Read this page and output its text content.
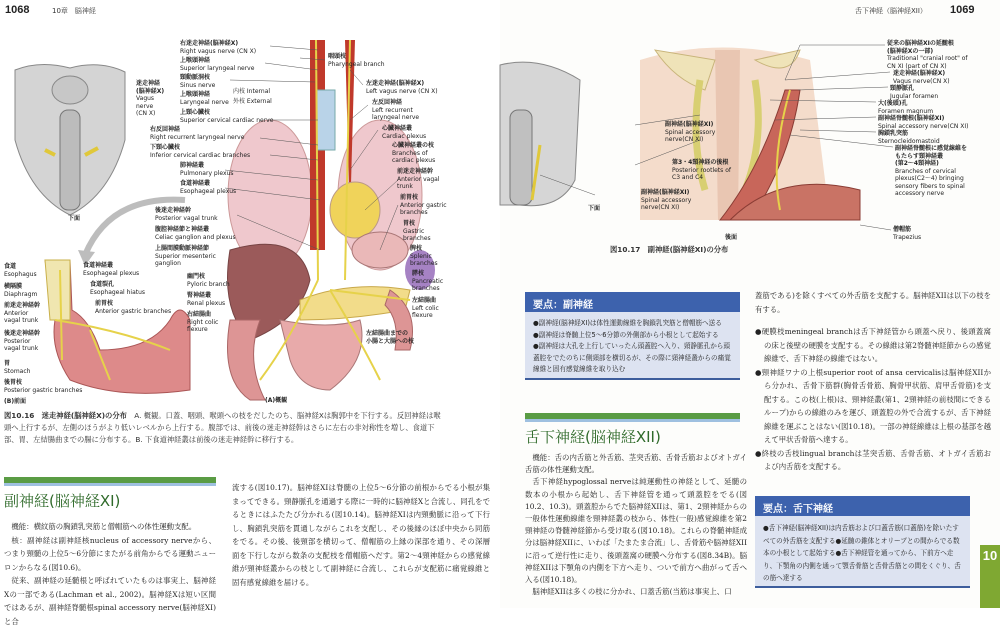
1068	10章　脳神経
右迷走神経(脳神経X)
Right vagus nerve (CN X)
上喉頭神経
Superior laryngeal nerve
頸動脈洞枝
Sinus nerve
上喉頭神経
Laryngeal nerve
内枝 Internal
外枝 External
上頸心臓枝
Superior cervical cardiac nerve
右反回神経
Right recurrent laryngeal nerve
下頸心臓枝
Inferior cervical cardiac branches
肺神経叢
Pulmonary plexus
食道神経叢
Esophageal plexus
後迷走神経幹
Posterior vagal trunk
腹腔神経節と神経叢
Celiac ganglion and plexus
上腸間膜動脈神経節
Superior mesenteric
ganglion
幽門枝
Pyloric branch
腎神経叢
Renal plexus
右結腸曲
Right colic
flexure
咽頭枝
Pharyngeal branch
左迷走神経(脳神経X)
Left vagus nerve (CN X)
左反回神経
Left recurrent
laryngeal nerve
心臓神経叢
Cardiac plexus
心臓神経叢の枝
Branches of
cardiac plexus
前迷走神経幹
Anterior vagal
trunk
前胃枝
Anterior gastric
branches
胃枝
Gastric
branches
脾枝
Splenic
branches
膵枝
Pancreatic
branches
左結腸曲
Left colic
flexure
左結腸曲までの
小腸と大腸への枝
迷走神経
(脳神経X)
Vagus
nerve
(CN X)
下面
(A)概観
食道
Esophagus
横隔膜
Diaphragm
前迷走神経幹
Anterior
vagal trunk
後迷走神経幹
Posterior
vagal trunk
胃
Stomach
後胃枝
Posterior gastric branches
食道神経叢
Esophageal plexus
食道裂孔
Esophageal hiatus
前胃枝
Anterior gastric branches
(B)前面
図10.16　迷走神経(脳神経X)の分布　 A. 概観。口蓋、咽頭、喉頭への枝をだしたのち、脳神経Xは胸郭中を下行する。反回神経は喉頭へ上行するが、左側のほうがより低いレベルから上行する。腹部では、前後の迷走神経幹はさらに左右の非対称性を増し、食道下部、胃、左結腸曲までの腸に分布する。B. 下食道神経叢は前後の迷走神経幹に移行する。
副神経(脳神経XI)

機能：横紋筋の胸鎖乳突筋と僧帽筋への体性運動支配。

核：副神経は副神経核nucleus of accessory nerveから、つまり頸髄の上位5～6分節にまたがる前角からでる運動ニューロンからなる(図10.6)。

従来、副神経の延髄根と呼ばれていたものは事実上、脳神経Xの一部である(Lachman et al., 2002)。脳神経Xは短い区間ではあるが、副神経脊髄根spinal accessory nerve(脳神経XI)と合

流する(図10.17)。脳神経XIは脊髄の上位5～6分節の前根からでる小根が集まってできる。頸静脈孔を通過する際に一時的に脳神経Xと合流し、同孔をでるときにはふたたび分かれる(図10.14)。脳神経XIは内頸動脈に沿って下行し、胸鎖乳突筋を貫通しながらこれを支配し、その後縁のほぼ中央から同筋をでる。その後、後頸部を横切って、僧帽筋の上縁の深部を通り、その深層面を下行しながら数条の支配枝を僧帽筋へだす。第2～4頸神経からの感覚線維が頸神経叢からの枝として副神経に合流し、これらが支配筋に痛覚線維と固有感覚線維を届ける。

舌下神経（脳神経XII） 1069
副神経(脳神経XI)
Spinal accessory
nerve(CN XI)
第3・4頸神経の後根
Posterior rootlets of
C3 and C4
副神経(脳神経XI)
Spinal accessory
nerve(CN XI)
従来の脳神経XIの延髄根
(脳神経Xの一部)
Traditional "cranial root" of
CN XI (part of CN X)
迷走神経(脳神経X)
Vagus nerve(CN X)
頸静脈孔
Jugular foramen
大(後頭)孔
Foramen magnum
副神経脊髄根(脳神経XI)
Spinal accessory nerve(CN XI)
胸鎖乳突筋
Sternocleidomastoid
副神経脊髄根に感覚線維を
もたらす頸神経叢
(第2～4頸神経)
Branches of cervical
plexus(C2～4) bringing
sensory fibers to spinal
accessory nerve
僧帽筋
Trapezius
下面
後面
図10.17　副神経(脳神経XI)の分布
要点：副神経
●副神経(脳神経XI)は体性運動線維を胸鎖乳突筋と僧帽筋へ送る
●副神経は脊髄上位5～6分節の外側部から小根として起始する
●副神経は大孔を上行していったん頭蓋腔へ入り、頸静脈孔から頭蓋腔をでたのちに側頸部を横切るが、その際に頸神経叢からの痛覚線維と固有感覚線維を取り込む

蓋筋である)を除くすべての外舌筋を支配する。脳神経XIIは以下の枝を有する。

●硬膜枝meningeal branchは舌下神経管から頭蓋へ戻り、後頭蓋窩の床と後壁の硬膜を支配する。その線維は第2脊髄神経節からの感覚線維で、舌下神経の線維ではない。
●頸神経ワナの上根superior root of ansa cervicalisは脳神経XIIから分かれ、舌骨下筋群(胸骨舌骨筋、胸骨甲状筋、肩甲舌骨筋)を支配する。この枝(上根)は、頸神経叢(第1、2頸神経の前枝間にできるループ)からの線維のみを運び、頭蓋腔の外で合流するが、舌下神経線維を運ぶことはない(図10.18)。一部の神経線維は上根の基部を越えて甲状舌骨筋へ達する。
●終枝の舌枝lingual branchは茎突舌筋、舌骨舌筋、オトガイ舌筋および内舌筋を支配する。
舌下神経(脳神経XII)

機能：舌の内舌筋と外舌筋、茎突舌筋、舌骨舌筋およびオトガイ舌筋の体性運動支配。

舌下神経hypoglossal nerveは純運動性の神経として、延髄の数本の小根から起始し、舌下神経管を通って頭蓋腔をでる(図10.2、10.3)。頭蓋腔からでた脳神経XIIは、第1、2頸神経からの一般体性運動線維を頸神経叢の枝から、体性(一般)感覚線維を第2頸神経の脊髄神経節から受け取る(図10.18)。これらの脊髄神経成分は脳神経XIIに、いわば「たまたま合流」し、舌骨筋や脳神経XIIに沿って逆行性に走り、後頭蓋窩の硬膜へ分布する(図8.34B)。脳神経XIIは下顎角の内側を下方へ走り、ついで前方へ曲がって舌へ入る(図10.18)。

脳神経XIIは多くの枝に分かれ、口蓋舌筋(当筋は事実上、口

要点：舌下神経
●舌下神経(脳神経XII)は内舌筋および口蓋舌筋(口蓋筋)を除いたすべての外舌筋を支配する●延髄の錐体とオリーブとの間からでる数本の小根として起始する●舌下神経管を通ってから、下前方へ走り、下顎角の内側を通って顎舌骨筋と舌骨舌筋との間をくぐり、舌の筋へ達する
10
